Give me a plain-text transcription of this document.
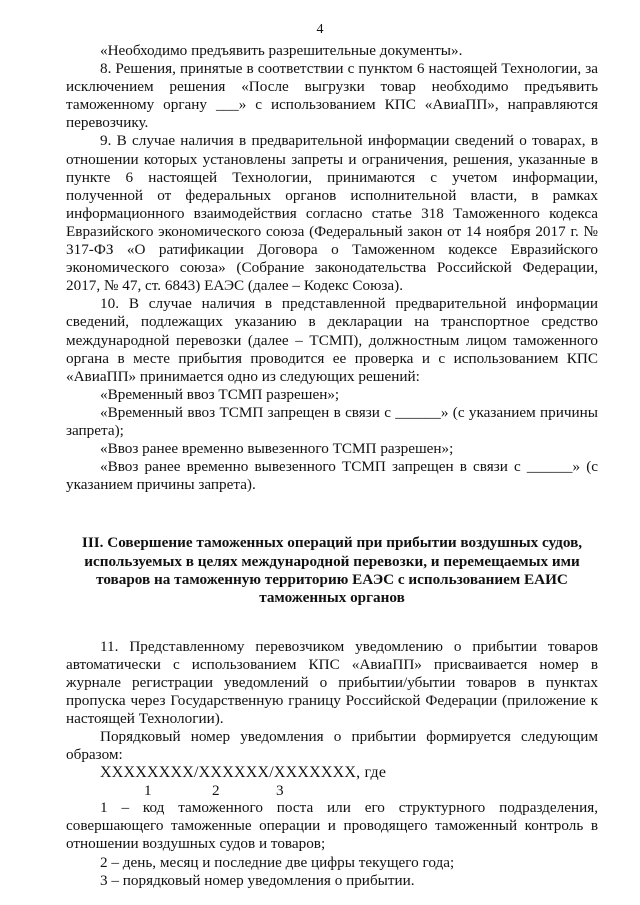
4

«Необходимо предъявить разрешительные документы».

8. Решения, принятые в соответствии с пунктом 6 настоящей Технологии, за исключением решения «После выгрузки товар необходимо предъявить таможенному органу ___» с использованием КПС «АвиаПП», направляются перевозчику.

9. В случае наличия в предварительной информации сведений о товарах, в отношении которых установлены запреты и ограничения, решения, указанные в пункте 6 настоящей Технологии, принимаются с учетом информации, полученной от федеральных органов исполнительной власти, в рамках информационного взаимодействия согласно статье 318 Таможенного кодекса Евразийского экономического союза (Федеральный закон от 14 ноября 2017 г. № 317-ФЗ «О ратификации Договора о Таможенном кодексе Евразийского экономического союза» (Собрание законодательства Российской Федерации, 2017, № 47, ст. 6843) ЕАЭС (далее – Кодекс Союза).

10. В случае наличия в представленной предварительной информации сведений, подлежащих указанию в декларации на транспортное средство международной перевозки (далее – ТСМП), должностным лицом таможенного органа в месте прибытия проводится ее проверка и с использованием КПС «АвиаПП» принимается одно из следующих решений:

«Временный ввоз ТСМП разрешен»;

«Временный ввоз ТСМП запрещен в связи с ______» (с указанием причины запрета);

«Ввоз ранее временно вывезенного ТСМП разрешен»;

«Ввоз ранее временно вывезенного ТСМП запрещен в связи с ______» (с указанием причины запрета).

III. Совершение таможенных операций при прибытии воздушных судов, используемых в целях международной перевозки, и перемещаемых ими товаров на таможенную территорию ЕАЭС с использованием ЕАИС таможенных органов

11. Представленному перевозчиком уведомлению о прибытии товаров автоматически с использованием КПС «АвиаПП» присваивается номер в журнале регистрации уведомлений о прибытии/убытии товаров в пунктах пропуска через Государственную границу Российской Федерации (приложение к настоящей Технологии).

Порядковый номер уведомления о прибытии формируется следующим образом:

XXXXXXXX/XXXXXX/XXXXXXX, где

1	2	3

1 – код таможенного поста или его структурного подразделения, совершающего таможенные операции и проводящего таможенный контроль в отношении воздушных судов и товаров;

2 – день, месяц и последние две цифры текущего года;

3 – порядковый номер уведомления о прибытии.
